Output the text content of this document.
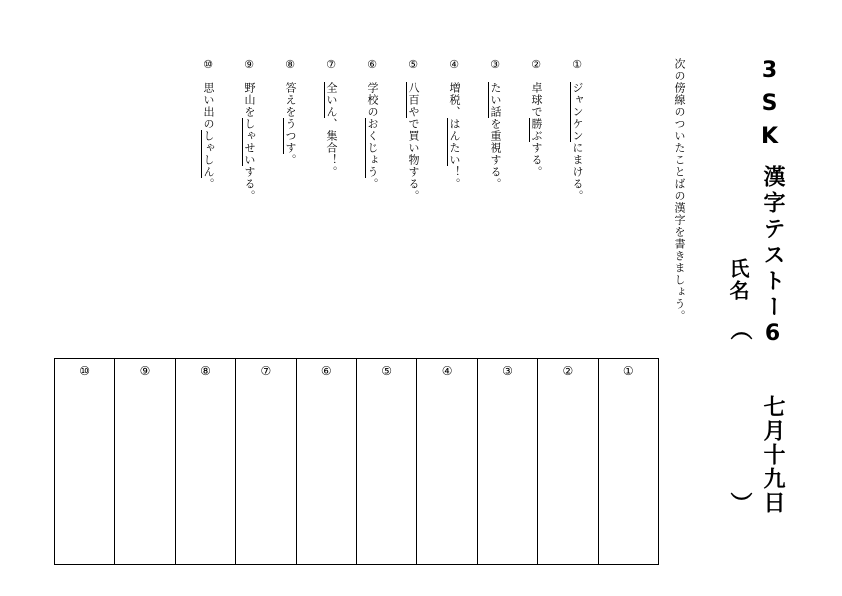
3SK
漢字テストー6
七月十九日
氏名
（
）
次の傍線のついたことばの漢字を書きましょう。
①
ジャンケンにまける。
②
卓球で勝ぶする。
③
たい話を重視する。
④
増税、はんたい！。
⑤
八百やで買い物する。
⑥
学校のおくじょう。
⑦
全いん、集合！。
⑧
答えをうつす。
⑨
野山をしゃせいする。
⑩
思い出のしゃしん。
①
②
③
④
⑤
⑥
⑦
⑧
⑨
⑩
